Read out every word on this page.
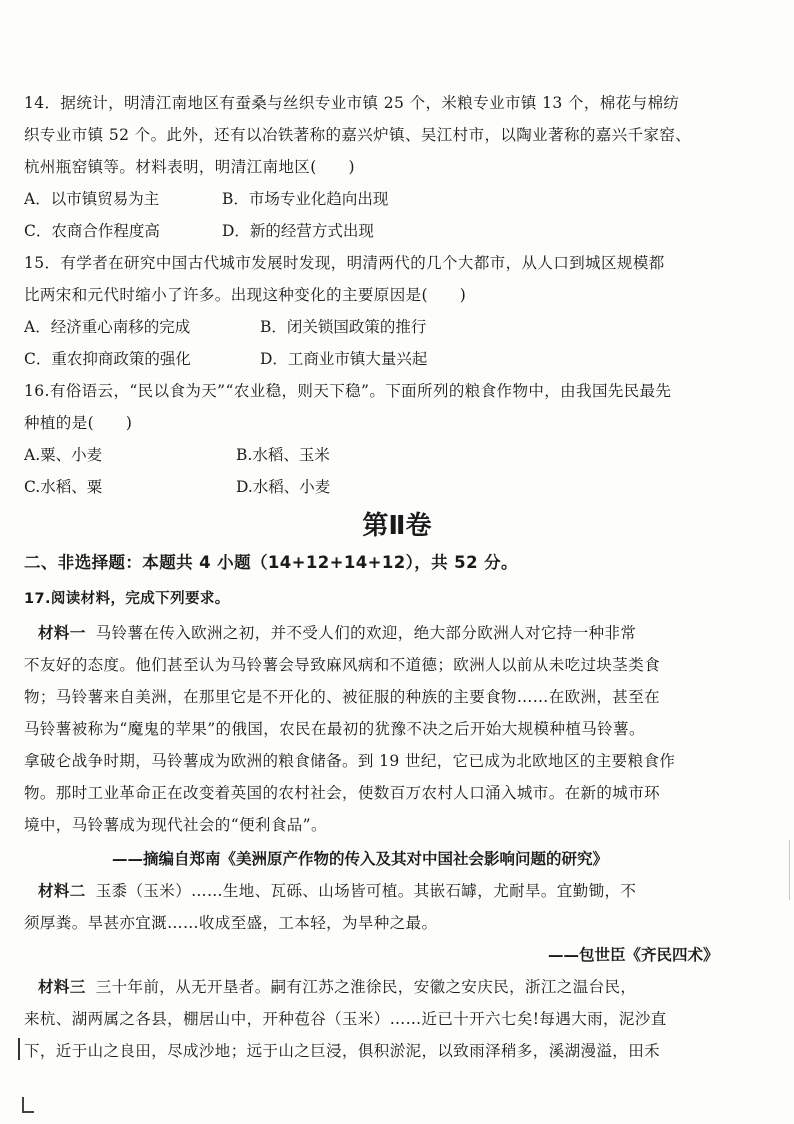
14．据统计，明清江南地区有蚕桑与丝织专业市镇 25 个，米粮专业市镇 13 个，棉花与棉纺
织专业市镇 52 个。此外，还有以冶铁著称的嘉兴炉镇、吴江村市，以陶业著称的嘉兴千家窑、
杭州瓶窑镇等。材料表明，明清江南地区(　　)
A．以市镇贸易为主	B．市场专业化趋向出现
C．农商合作程度高	D．新的经营方式出现
15．有学者在研究中国古代城市发展时发现，明清两代的几个大都市，从人口到城区规模都
比两宋和元代时缩小了许多。出现这种变化的主要原因是(　　)
A．经济重心南移的完成	B．闭关锁国政策的推行
C．重农抑商政策的强化	D．工商业市镇大量兴起
16.有俗语云，“民以食为天”“农业稳，则天下稳”。下面所列的粮食作物中，由我国先民最先
种植的是(　　)
A.粟、小麦	B.水稻、玉米
C.水稻、粟	D.水稻、小麦
第Ⅱ卷
二、非选择题：本题共 4 小题（14+12+14+12），共 52 分。
17.阅读材料，完成下列要求。
材料一 马铃薯在传入欧洲之初，并不受人们的欢迎，绝大部分欧洲人对它持一种非常
不友好的态度。他们甚至认为马铃薯会导致麻风病和不道德；欧洲人以前从未吃过块茎类食
物；马铃薯来自美洲，在那里它是不开化的、被征服的种族的主要食物……在欧洲，甚至在
马铃薯被称为“魔鬼的苹果”的俄国，农民在最初的犹豫不决之后开始大规模种植马铃薯。
拿破仑战争时期，马铃薯成为欧洲的粮食储备。到 19 世纪，它已成为北欧地区的主要粮食作
物。那时工业革命正在改变着英国的农村社会，使数百万农村人口涌入城市。在新的城市环
境中，马铃薯成为现代社会的“便利食品”。
——摘编自郑南《美洲原产作物的传入及其对中国社会影响问题的研究》
材料二 玉黍（玉米）……生地、瓦砾、山场皆可植。其嵌石罅，尤耐旱。宜勤锄，不
须厚粪。旱甚亦宜溉……收成至盛，工本轻，为旱种之最。
——包世臣《齐民四术》
材料三 三十年前，从无开垦者。嗣有江苏之淮徐民，安徽之安庆民，浙江之温台民，
来杭、湖两属之各县，棚居山中，开种苞谷（玉米）……近已十开六七矣!每遇大雨，泥沙直
下，近于山之良田，尽成沙地；远于山之巨浸，俱积淤泥，以致雨泽稍多，溪湖漫溢，田禾
